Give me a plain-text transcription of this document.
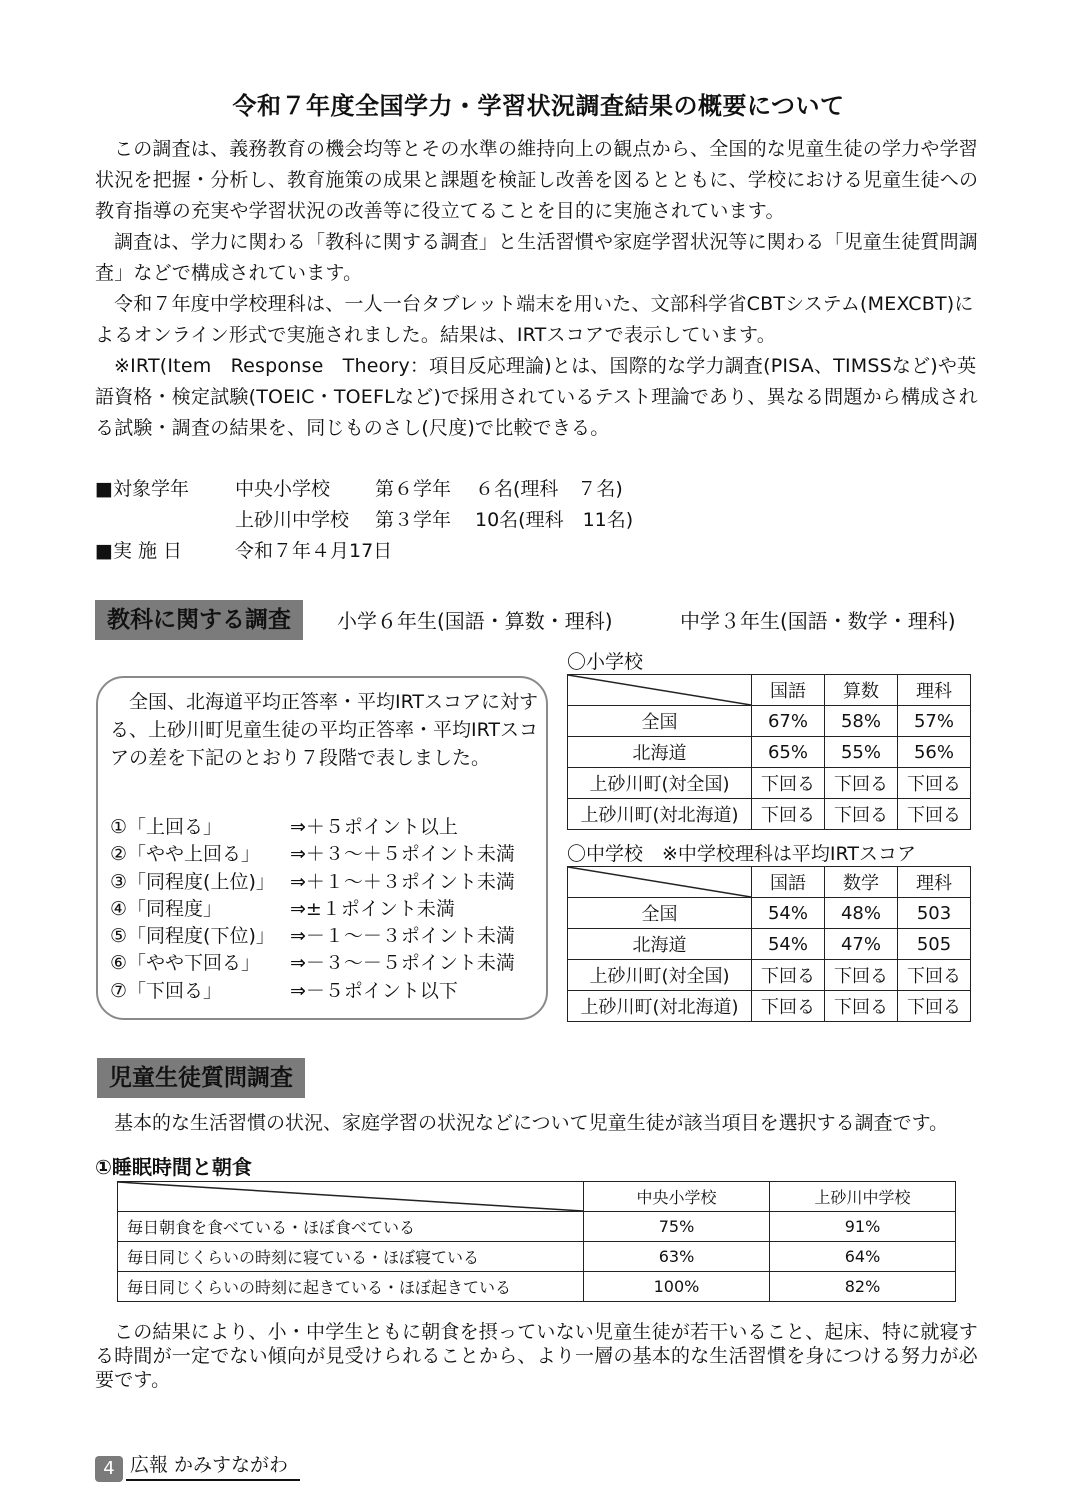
令和７年度全国学力・学習状況調査結果の概要について

この調査は、義務教育の機会均等とその水準の維持向上の観点から、全国的な児童生徒の学力や学習状況を把握・分析し、教育施策の成果と課題を検証し改善を図るとともに、学校における児童生徒への教育指導の充実や学習状況の改善等に役立てることを目的に実施されています。

調査は、学力に関わる「教科に関する調査」と生活習慣や家庭学習状況等に関わる「児童生徒質問調査」などで構成されています。

令和７年度中学校理科は、一人一台タブレット端末を用いた、文部科学省CBTシステム(MEXCBT)によるオンライン形式で実施されました。結果は、IRTスコアで表示しています。

※IRT(Item　Response　Theory：項目反応理論)とは、国際的な学力調査(PISA、TIMSSなど)や英語資格・検定試験(TOEIC・TOEFLなど)で採用されているテスト理論であり、異なる問題から構成される試験・調査の結果を、同じものさし(尺度)で比較できる。

■対象学年	中央小学校	第６学年	６名(理科　７名)
上砂川中学校	第３学年	10名(理科　11名)
■実 施 日	令和７年４月17日
教科に関する調査	小学６年生(国語・算数・理科)	中学３年生(国語・数学・理科)

全国、北海道平均正答率・平均IRTスコアに対する、上砂川町児童生徒の平均正答率・平均IRTスコアの差を下記のとおり７段階で表しました。

①「上回る」	⇒＋５ポイント以上
②「やや上回る」	⇒＋３～＋５ポイント未満
③「同程度(上位)」 ⇒＋１～＋３ポイント未満
④「同程度」	⇒±１ポイント未満
⑤「同程度(下位)」 ⇒－１～－３ポイント未満
⑥「やや下回る」	⇒－３～－５ポイント未満
⑦「下回る」	⇒－５ポイント以下
〇小学校
	国語	算数	理科
全国	67%	58%	57%
北海道	65%	55%	56%
上砂川町(対全国)	下回る	下回る	下回る
上砂川町(対北海道)	下回る	下回る	下回る
〇中学校　※中学校理科は平均IRTスコア
	国語	数学	理科
全国	54%	48%	503
北海道	54%	47%	505
上砂川町(対全国)	下回る	下回る	下回る
上砂川町(対北海道)	下回る	下回る	下回る
児童生徒質問調査
基本的な生活習慣の状況、家庭学習の状況などについて児童生徒が該当項目を選択する調査です。
①睡眠時間と朝食
	中央小学校	上砂川中学校
毎日朝食を食べている・ほぼ食べている	75%	91%
毎日同じくらいの時刻に寝ている・ほぼ寝ている	63%	64%
毎日同じくらいの時刻に起きている・ほぼ起きている	100%	82%

この結果により、小・中学生ともに朝食を摂っていない児童生徒が若干いること、起床、特に就寝する時間が一定でない傾向が見受けられることから、より一層の基本的な生活習慣を身につける努力が必要です。

4 広報 かみすながわ
